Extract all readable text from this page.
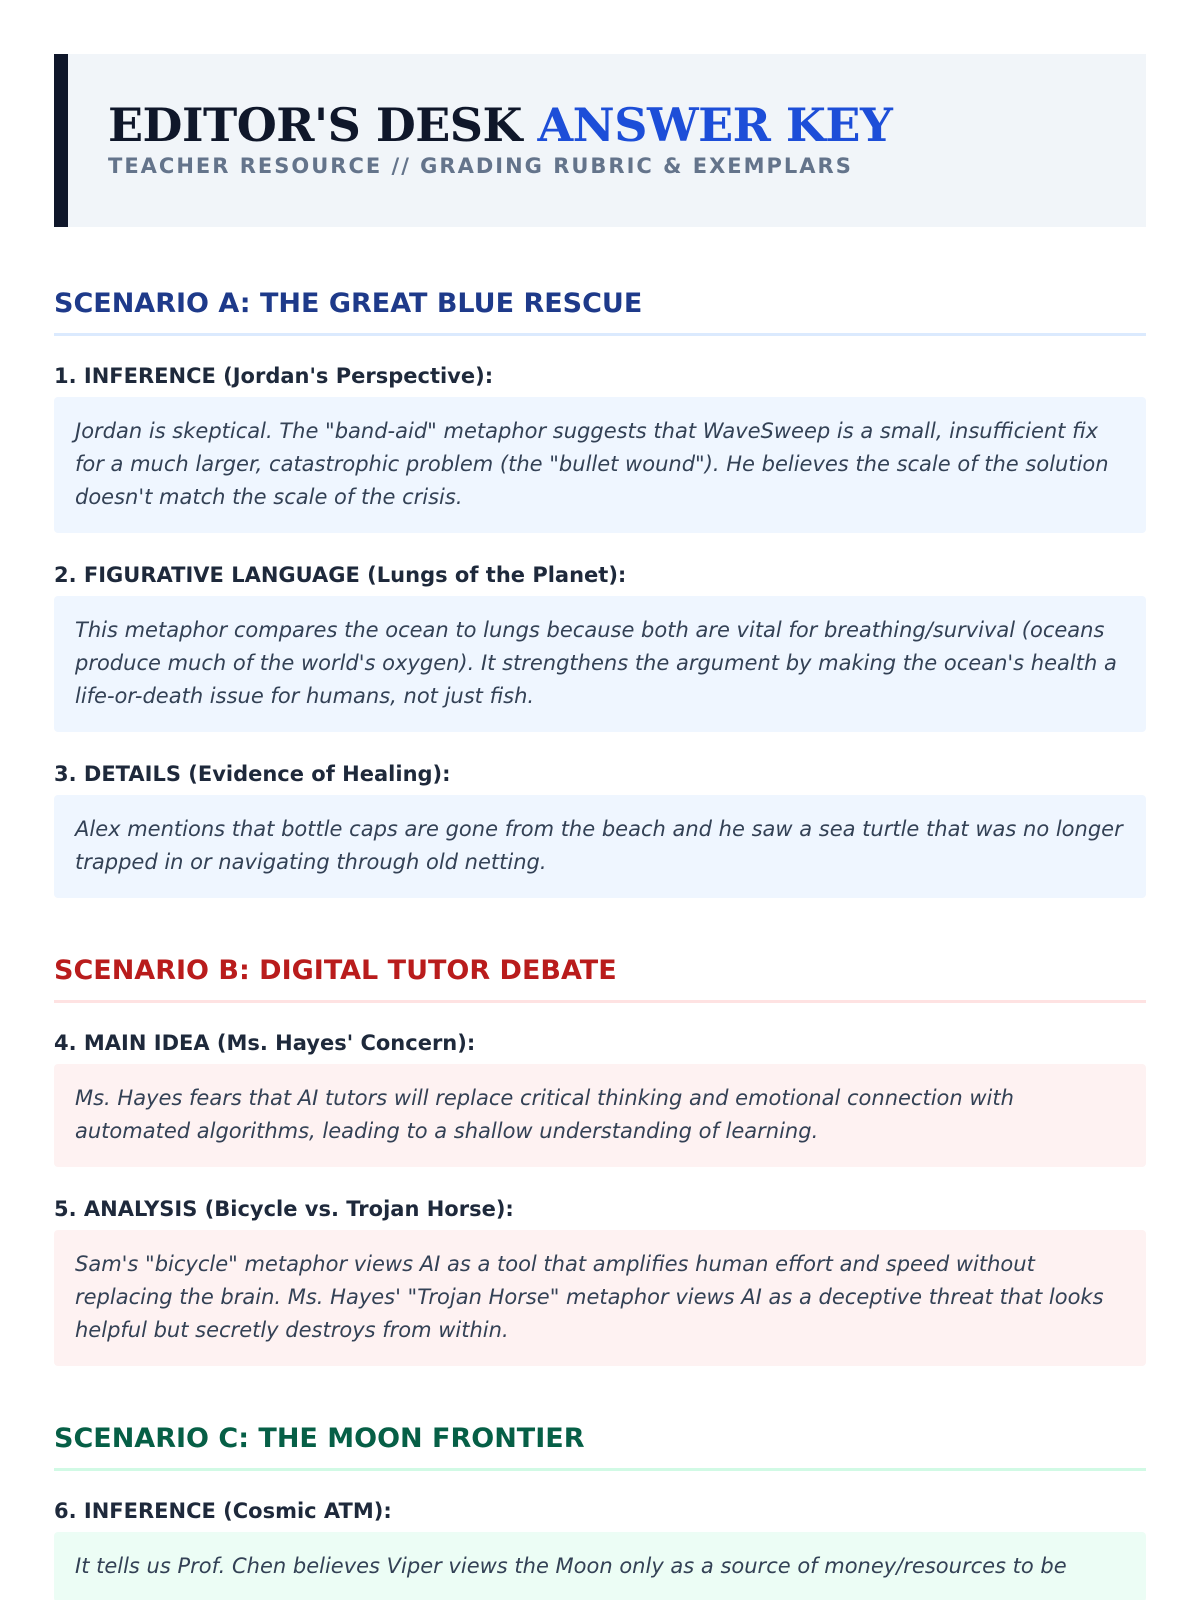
EDITOR'S DESK ANSWER KEY
TEACHER RESOURCE // GRADING RUBRIC & EXEMPLARS
SCENARIO A: THE GREAT BLUE RESCUE
1. INFERENCE (Jordan's Perspective):
Jordan is skeptical. The "band-aid" metaphor suggests that WaveSweep is a small, insufficient fix for a much larger, catastrophic problem (the "bullet wound"). He believes the scale of the solution doesn't match the scale of the crisis.
2. FIGURATIVE LANGUAGE (Lungs of the Planet):
This metaphor compares the ocean to lungs because both are vital for breathing/survival (oceans produce much of the world's oxygen). It strengthens the argument by making the ocean's health a life-or-death issue for humans, not just fish.
3. DETAILS (Evidence of Healing):
Alex mentions that bottle caps are gone from the beach and he saw a sea turtle that was no longer trapped in or navigating through old netting.
SCENARIO B: DIGITAL TUTOR DEBATE
4. MAIN IDEA (Ms. Hayes' Concern):
Ms. Hayes fears that AI tutors will replace critical thinking and emotional connection with automated algorithms, leading to a shallow understanding of learning.
5. ANALYSIS (Bicycle vs. Trojan Horse):
Sam's "bicycle" metaphor views AI as a tool that amplifies human effort and speed without replacing the brain. Ms. Hayes' "Trojan Horse" metaphor views AI as a deceptive threat that looks helpful but secretly destroys from within.
SCENARIO C: THE MOON FRONTIER
6. INFERENCE (Cosmic ATM):
It tells us Prof. Chen believes Viper views the Moon only as a source of money/resources to be
